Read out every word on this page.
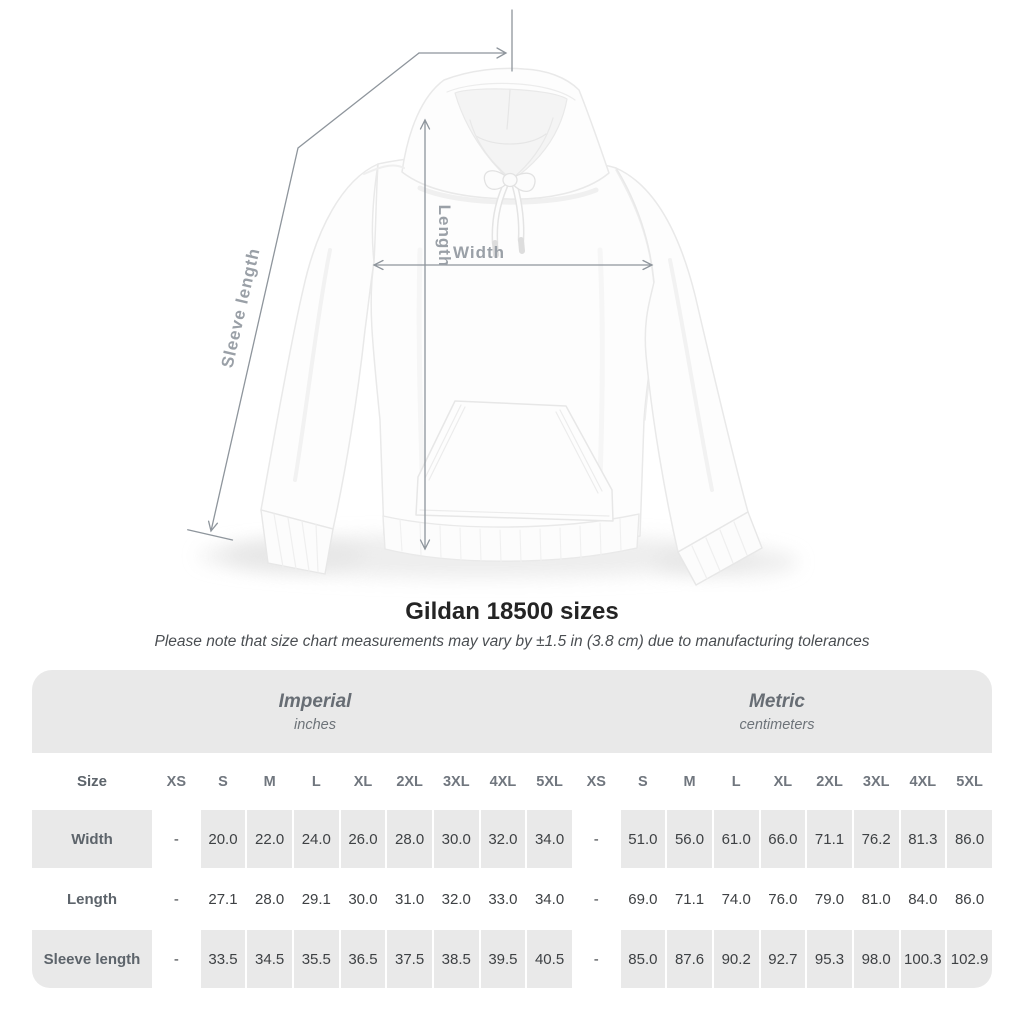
Sleeve length
Length
Width
Gildan 18500 sizes
Please note that size chart measurements may vary by ±1.5 in (3.8 cm) due to manufacturing tolerances
Imperial
inches
Metric
centimeters																		

Size	XS	S	M	L	XL	2XL	3XL	4XL	5XL	XS	S	M	L	XL	2XL	3XL	4XL	5XL
Width	-	20.0	22.0	24.0	26.0	28.0	30.0	32.0	34.0	-	51.0	56.0	61.0	66.0	71.1	76.2	81.3	86.0
Length	-	27.1	28.0	29.1	30.0	31.0	32.0	33.0	34.0	-	69.0	71.1	74.0	76.0	79.0	81.0	84.0	86.0
Sleeve length	-	33.5	34.5	35.5	36.5	37.5	38.5	39.5	40.5	-	85.0	87.6	90.2	92.7	95.3	98.0	100.3	102.9
